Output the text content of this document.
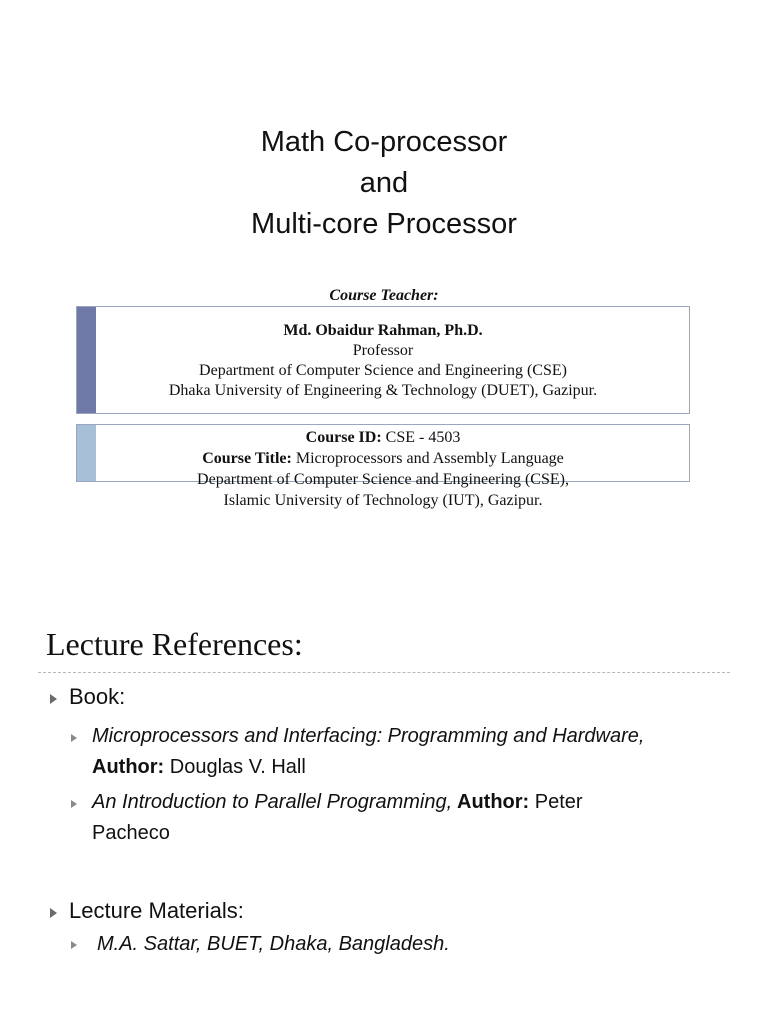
Math Co-processor
and
Multi-core Processor
Course Teacher:
Md. Obaidur Rahman, Ph.D.
Professor
Department of Computer Science and Engineering (CSE)
Dhaka University of Engineering & Technology (DUET), Gazipur.
Course ID: CSE - 4503
Course Title: Microprocessors and Assembly Language
Department of Computer Science and Engineering (CSE),
Islamic University of Technology (IUT), Gazipur.
Lecture References:
Book:
Microprocessors and Interfacing: Programming and Hardware,
Author: Douglas V. Hall
An Introduction to Parallel Programming, Author: Peter
Pacheco
Lecture Materials:
M.A. Sattar, BUET, Dhaka, Bangladesh.
